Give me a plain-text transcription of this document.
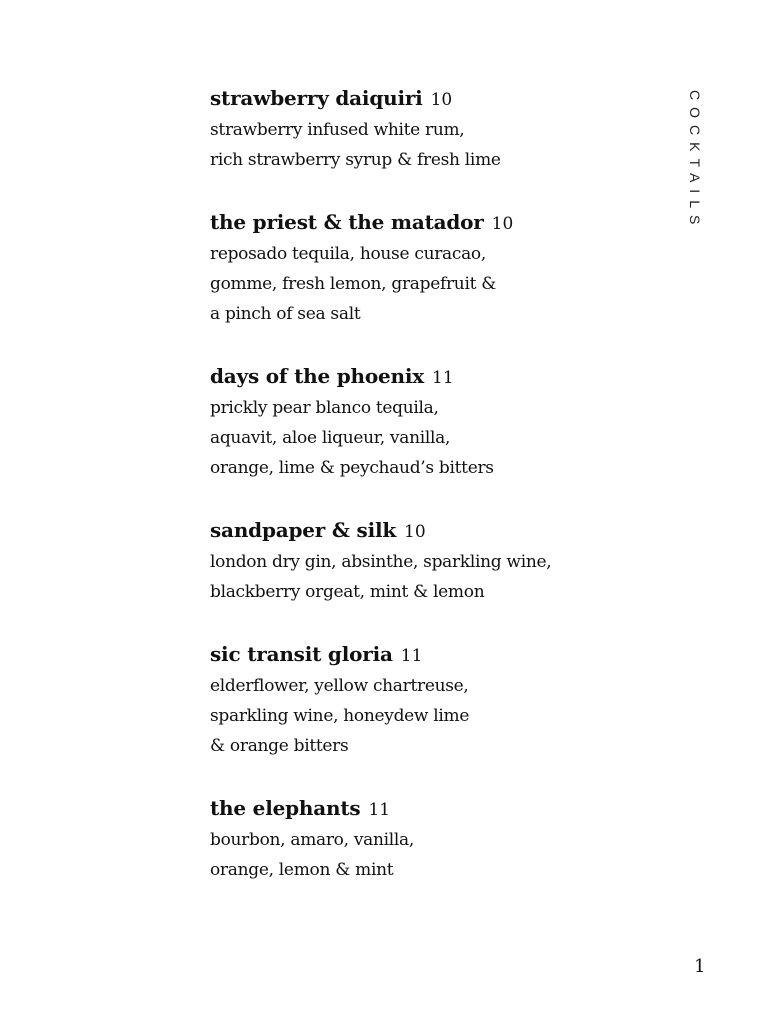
strawberry daiquiri 10
strawberry infused white rum,
rich strawberry syrup & fresh lime
the priest & the matador 10
reposado tequila, house curacao,
gomme, fresh lemon, grapefruit &
a pinch of sea salt
days of the phoenix 11
prickly pear blanco tequila,
aquavit, aloe liqueur, vanilla,
orange, lime & peychaud’s bitters
sandpaper & silk 10
london dry gin, absinthe, sparkling wine,
blackberry orgeat, mint & lemon
sic transit gloria 11
elderflower, yellow chartreuse,
sparkling wine, honeydew lime
& orange bitters
the elephants 11
bourbon, amaro, vanilla,
orange, lemon & mint
COCKTAILS
1
